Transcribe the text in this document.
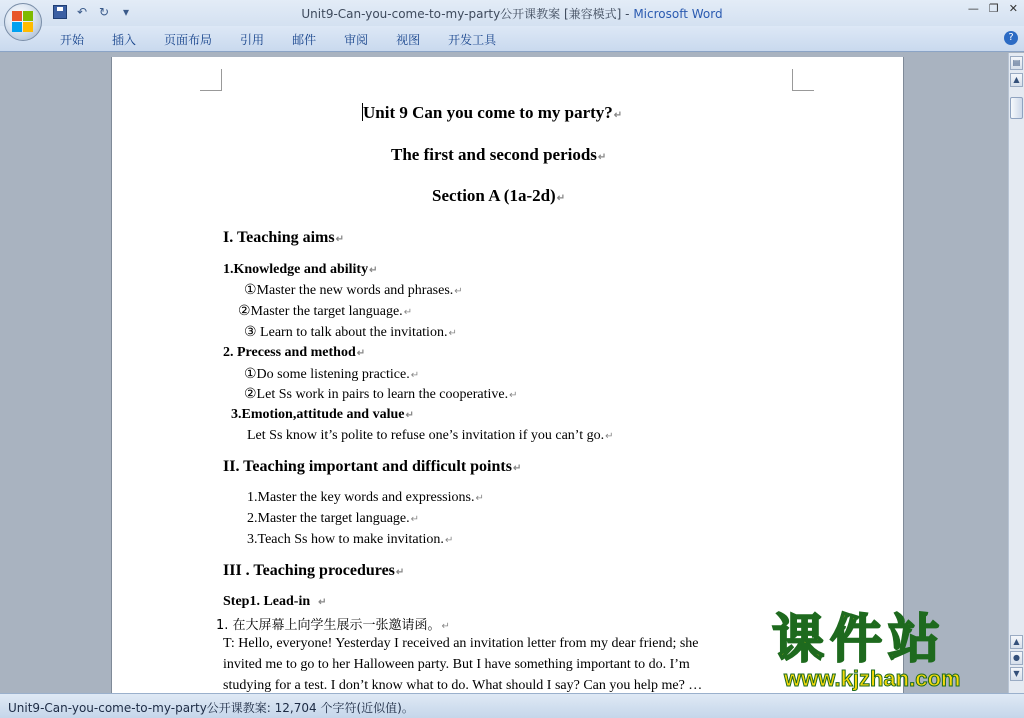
↶ ↻	▾	Unit9-Can-you-come-to-my-party公开课教案 [兼容模式] - Microsoft Word	— ❐ ✕
开始	插入	页面布局	引用	邮件	审阅	视图	开发工具	?
Unit 9 Can you come to my party?↵
The first and second periods↵
Section A (1a-2d)↵
I. Teaching aims↵
1.Knowledge and ability↵
①Master the new words and phrases.↵
②Master the target language.↵
③ Learn to talk about the invitation.↵
2. Precess and method↵
①Do some listening practice.↵
②Let Ss work in pairs to learn the cooperative.↵
3.Emotion,attitude and value↵
Let Ss know it’s polite to refuse one’s invitation if you can’t go.↵
II. Teaching important and difficult points↵
1.Master the key words and expressions.↵
2.Master the target language.↵
3.Teach Ss how to make invitation.↵
III . Teaching procedures↵
Step1. Lead-in ↵
1. 在大屏幕上向学生展示一张邀请函。↵
T: Hello, everyone! Yesterday I received an invitation letter from my dear friend; she
invited me to go to her Halloween party. But I have something important to do. I’m
studying for a test. I don’t know what to do. What should I say? Can you help me? …
▤
▲
▲
●
▼
Unit9-Can-you-come-to-my-party公开课教案: 12,704 个字符(近似值)。
课件站
www.kjzhan.com
